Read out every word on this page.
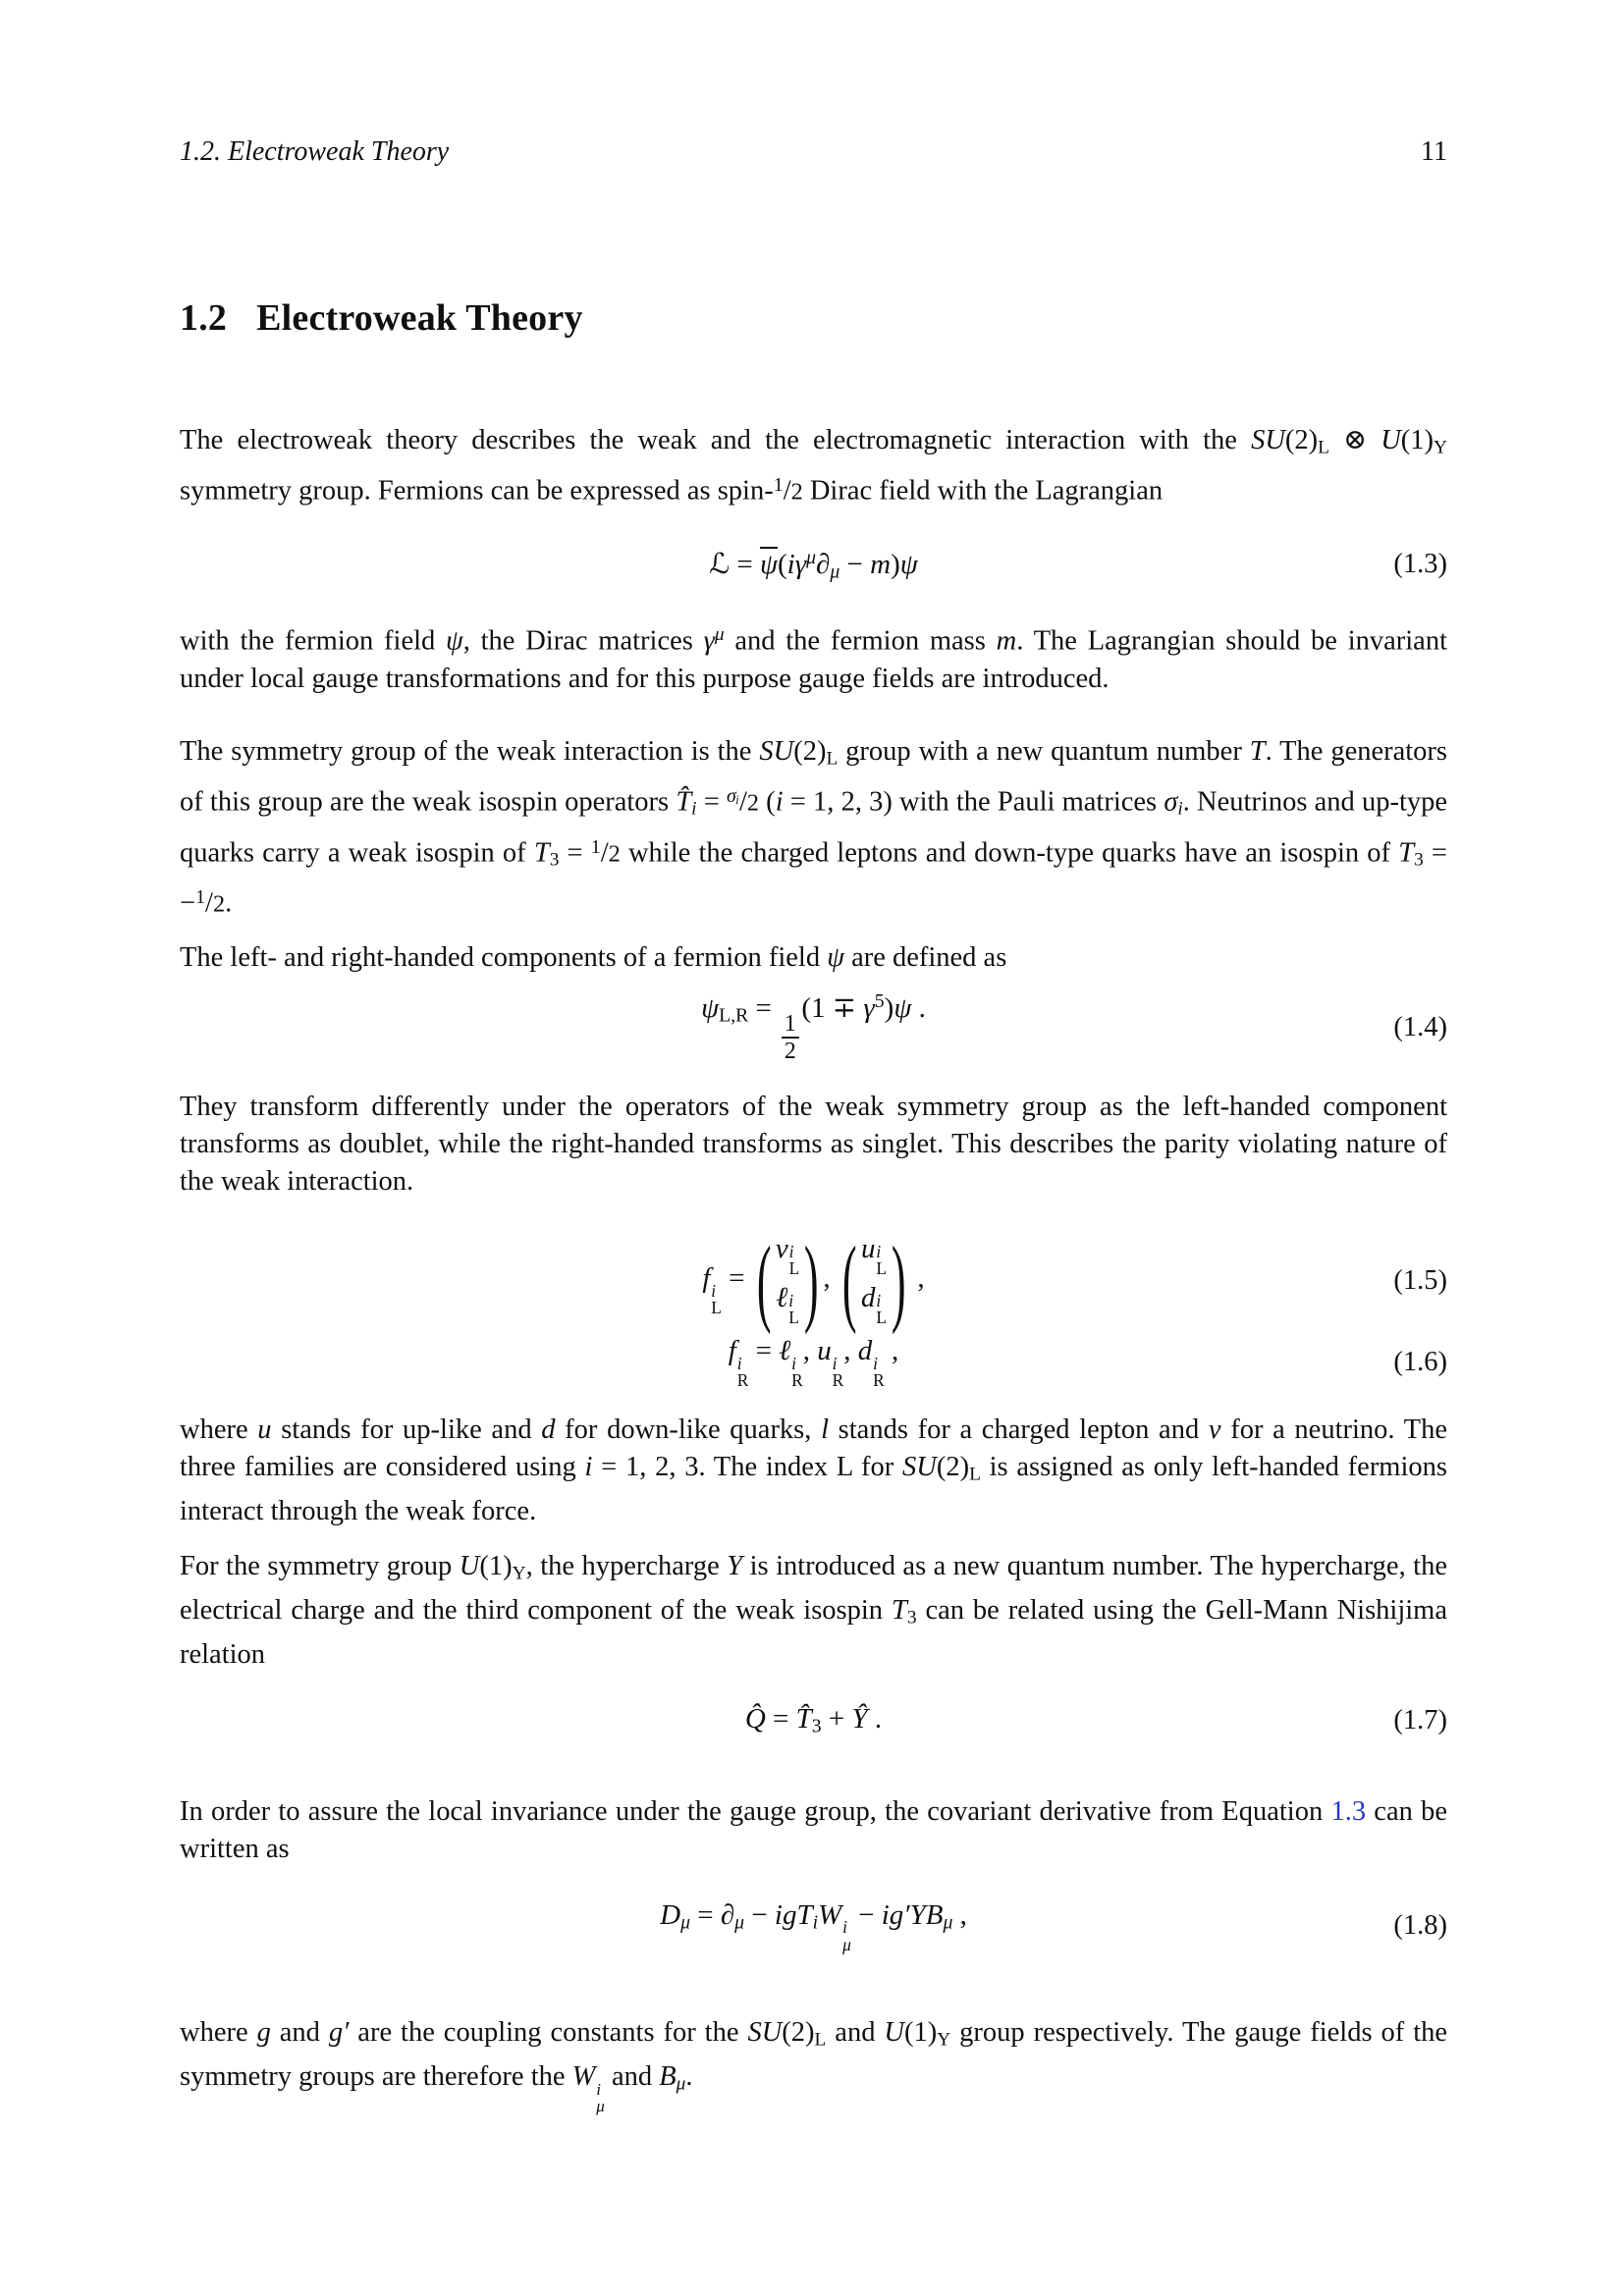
1.2. Electroweak Theory	11
1.2 Electroweak Theory

The electroweak theory describes the weak and the electromagnetic interaction with the SU(2)L ⊗ U(1)Y symmetry group. Fermions can be expressed as spin-$^1$/2 Dirac field with the Lagrangian

ℒ = $\overline{\psi}(i\gamma^\mu\partial\mu - m)\psi$	(1.3)

with the fermion field ψ, the Dirac matrices $\gamma^\mu$ and the fermion mass m. The Lagrangian should be invariant under local gauge transformations and for this purpose gauge fields are introduced.

The symmetry group of the weak interaction is the SU(2)L group with a new quantum number T. The generators of this group are the weak isospin operators T̂i = $^{\sigma ᵢ}$/2 (i = 1, 2, 3) with the Pauli matrices σi. Neutrinos and up-type quarks carry a weak isospin of T3 = $^1$/2 while the charged leptons and down-type quarks have an isospin of T3 = −$^1$/2.

The left- and right-handed components of a fermion field ψ are defined as

ψL,R =
$\frac{1}{2}$
$(1 \mp \gamma^5)\psi$ .
(1.4)

They transform differently under the operators of the weak symmetry group as the left-handed component transforms as doublet, while the right-handed transforms as singlet. This describes the parity violating nature of the weak interaction.

f i
L
= ( ν i
L
ℓ i
L ) , ( u i
L
d i
L ) ,	(1.5)
f i
R
= ℓ i
R
, u i
R
, d i
R
,	(1.6)

where u stands for up-like and d for down-like quarks, l stands for a charged lepton and ν for a neutrino. The three families are considered using i = 1, 2, 3. The index L for SU(2)L is assigned as only left-handed fermions interact through the weak force.

For the symmetry group U(1)Y, the hypercharge Y is introduced as a new quantum number. The hypercharge, the electrical charge and the third component of the weak isospin T3 can be related using the Gell-Mann Nishijima relation

Q̂ = T̂3 + Ŷ .	(1.7)

In order to assure the local invariance under the gauge group, the covariant derivative from Equation 1.3 can be written as

Dμ = ∂μ − igTiW i
μ
− ig′YBμ ,	(1.8)

where g and g′ are the coupling constants for the SU(2)L and U(1)Y group respectively. The gauge fields of the symmetry groups are therefore the W i
μ
and Bμ.
